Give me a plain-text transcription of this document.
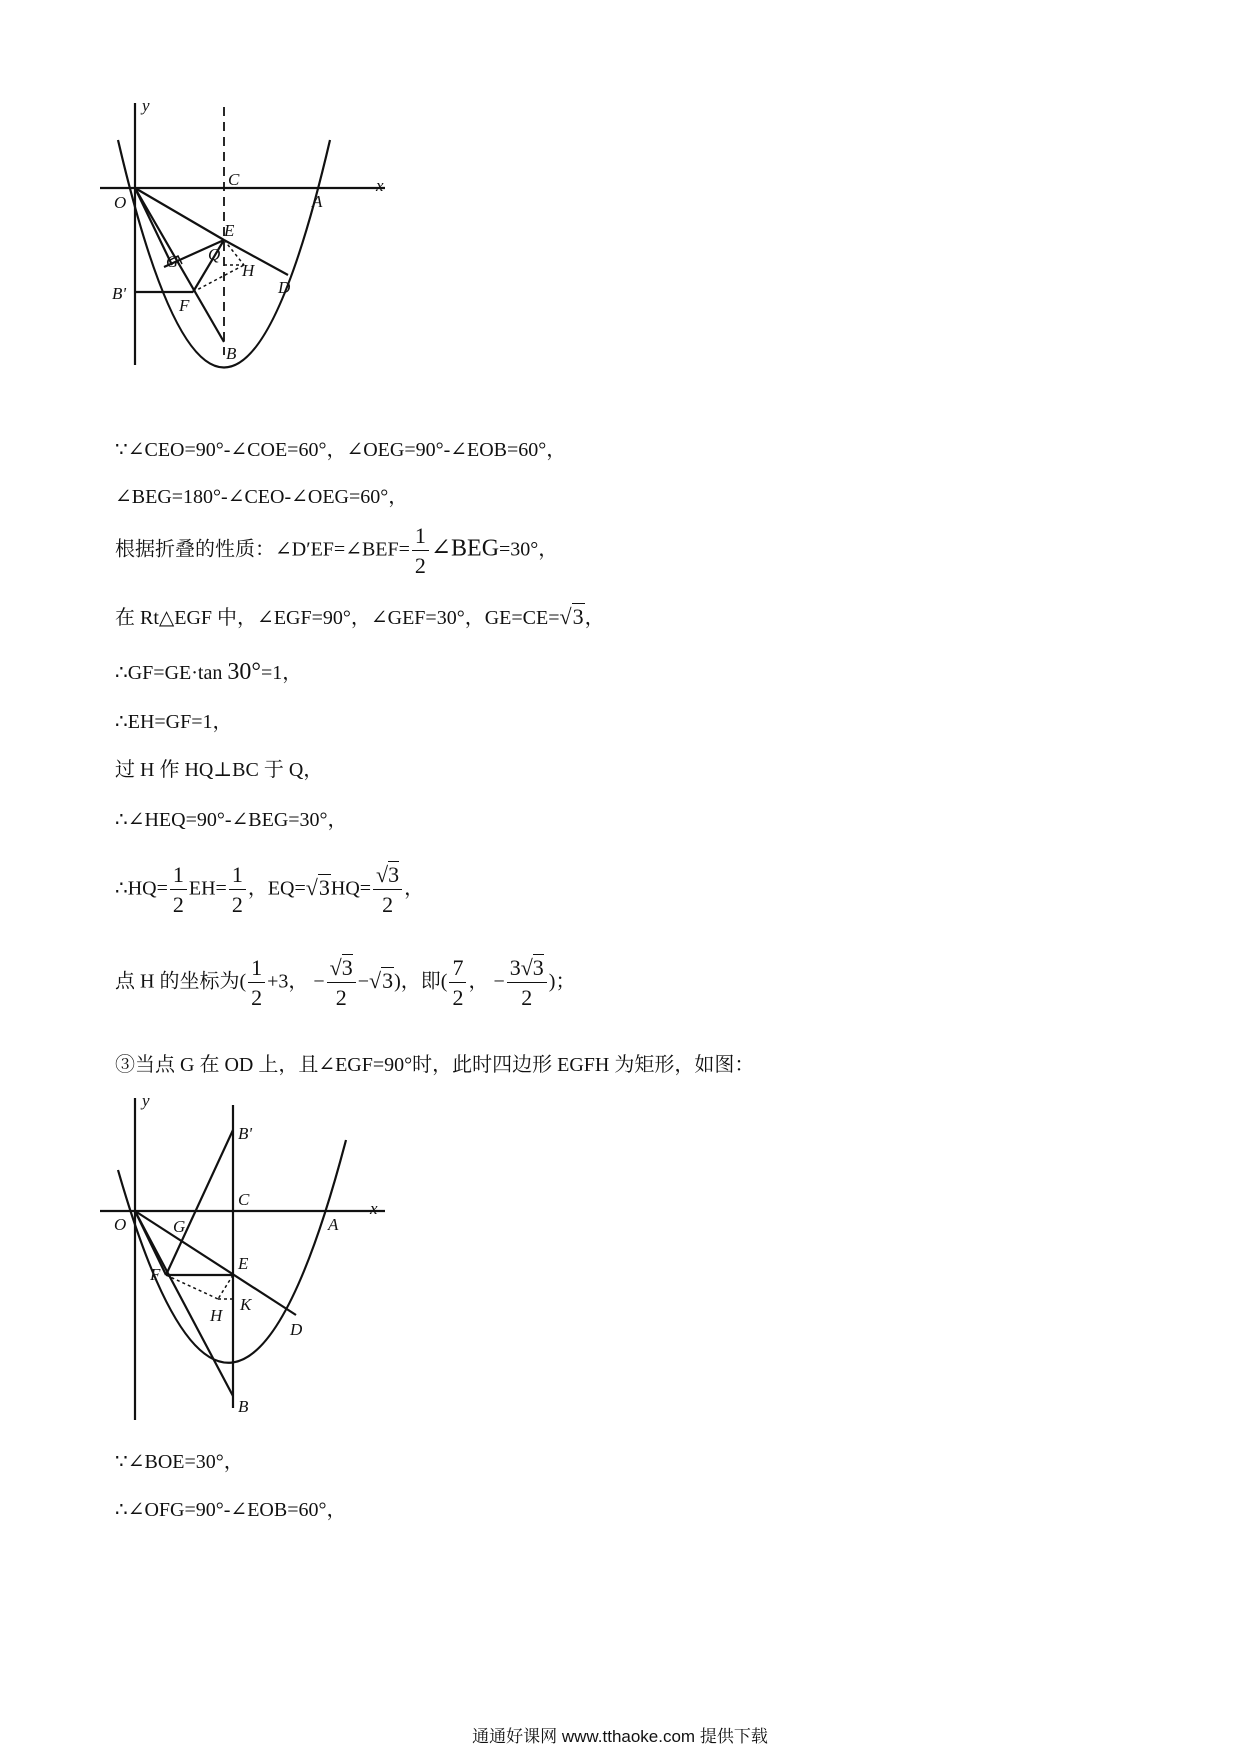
y
x
O
C
A
E
Q
H
G
B'
F
D
B
∵∠CEO=90°-∠COE=60°，∠OEG=90°-∠EOB=60°，
∠BEG=180°-∠CEO-∠OEG=60°，
根据折叠的性质：∠D′EF=∠BEF= $\frac{1}{2}$ ∠BEG=30°，
在 Rt△EGF 中，∠EGF=90°，∠GEF=30°，GE=CE=√3，
∴GF=GE·tan 30°=1，
∴EH=GF=1，
过 H 作 HQ⊥BC 于 Q，
∴∠HEQ=90°-∠BEG=30°，
∴HQ= $\frac{1}{2} EH= \frac{1}{2}$ ，$EQ=√3HQ= \frac{√3}{2}$ ，
点 H 的坐标为( $\frac{1}{2} +3$， − $\frac{√3}{2} -√3$)，即( $\frac{7}{2}$ ， − $\frac{3√3}{2}$ )；
③当点 G 在 OD 上，且∠EGF=90°时，此时四边形 EGFH 为矩形，如图：
y
x
O
B'
C
A
G
E
F
K
H
D
B
∵∠BOE=30°，
∴∠OFG=90°-∠EOB=60°，
通通好课网 www.tthaoke.com 提供下载
